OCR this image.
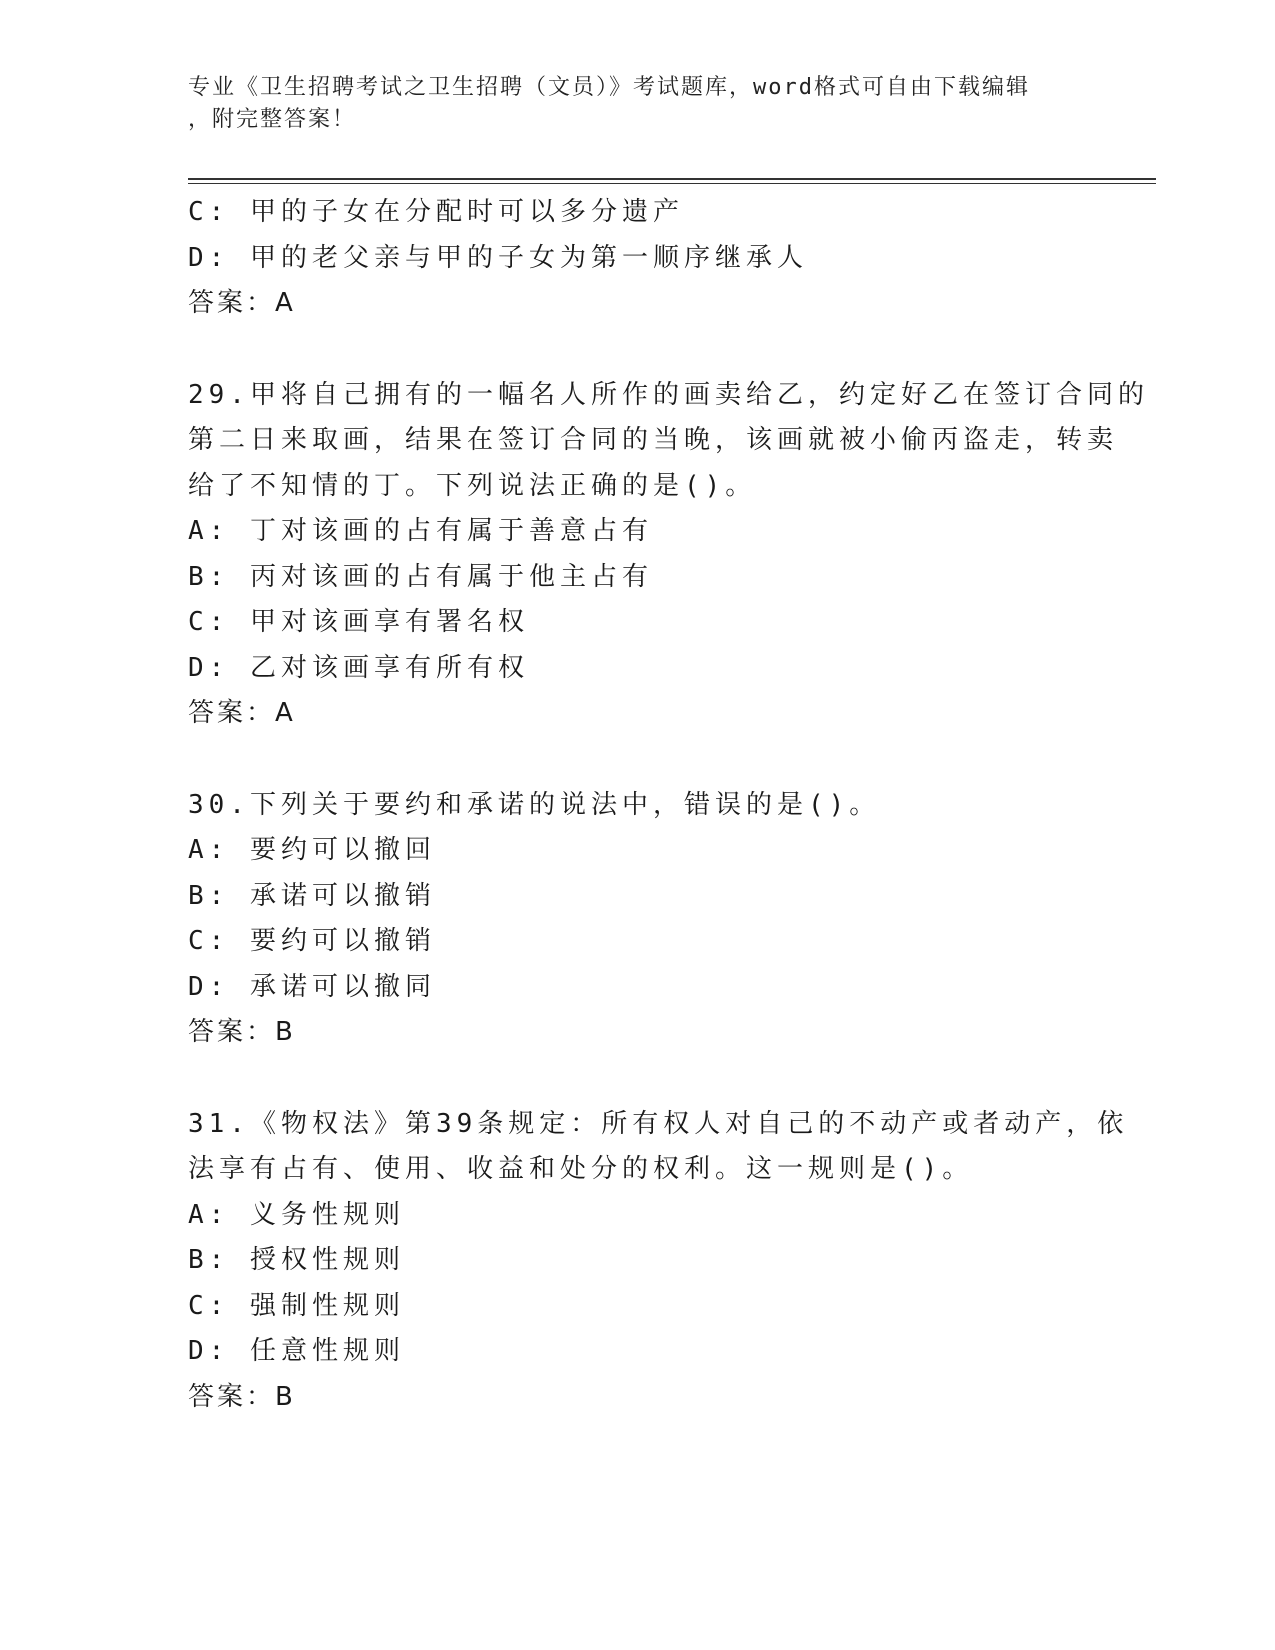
专业《卫生招聘考试之卫生招聘（文员）》考试题库，word格式可自由下载编辑
，附完整答案！
C: 甲的子女在分配时可以多分遗产
D: 甲的老父亲与甲的子女为第一顺序继承人
答案：A
29.甲将自己拥有的一幅名人所作的画卖给乙，约定好乙在签订合同的
第二日来取画，结果在签订合同的当晚，该画就被小偷丙盗走，转卖
给了不知情的丁。下列说法正确的是()。
A: 丁对该画的占有属于善意占有
B: 丙对该画的占有属于他主占有
C: 甲对该画享有署名权
D: 乙对该画享有所有权
答案：A
30.下列关于要约和承诺的说法中，错误的是()。
A: 要约可以撤回
B: 承诺可以撤销
C: 要约可以撤销
D: 承诺可以撤同
答案：B
31.《物权法》第39条规定：所有权人对自己的不动产或者动产，依
法享有占有、使用、收益和处分的权利。这一规则是()。
A: 义务性规则
B: 授权性规则
C: 强制性规则
D: 任意性规则
答案：B
